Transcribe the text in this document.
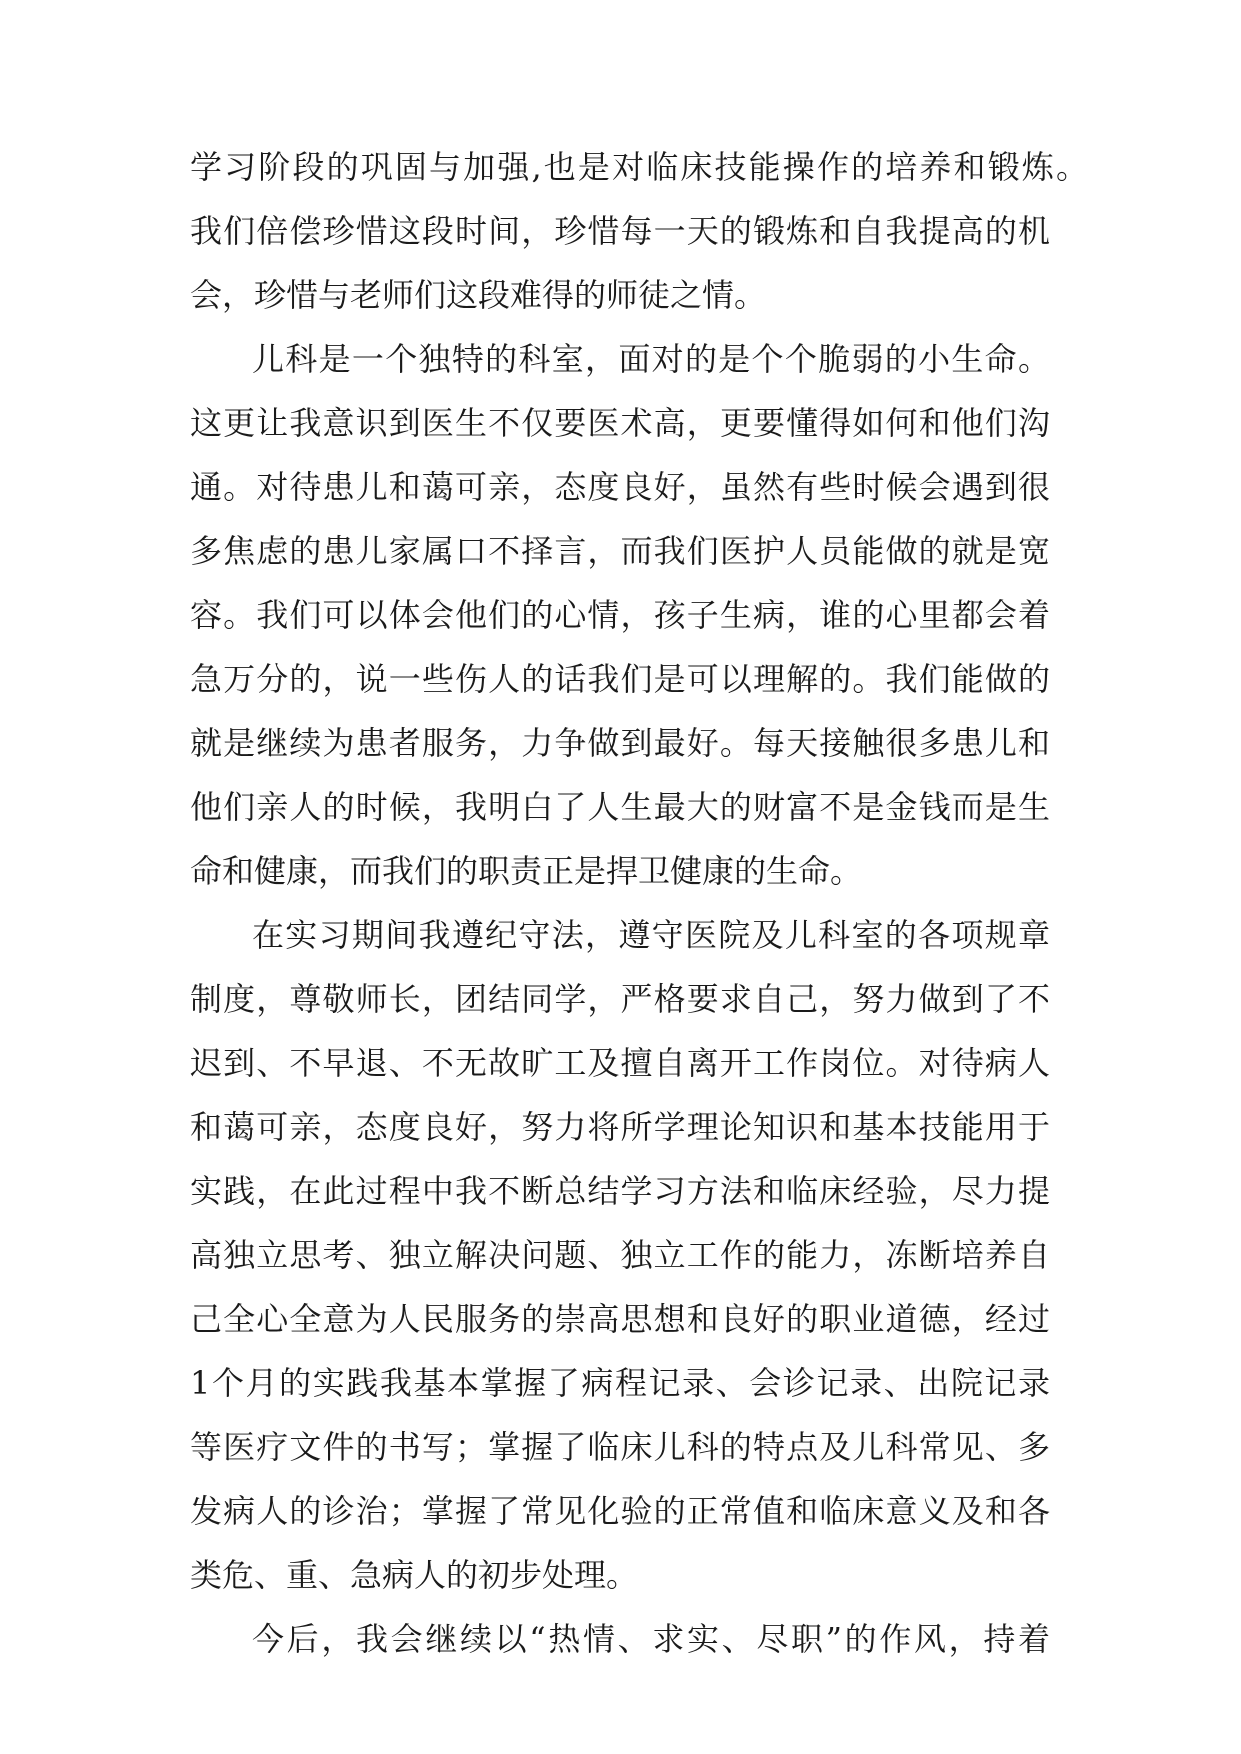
学习阶段的巩固与加强,也是对临床技能操作的培养和锻炼。
我们倍偿珍惜这段时间，珍惜每一天的锻炼和自我提高的机
会，珍惜与老师们这段难得的师徒之情。
儿科是一个独特的科室，面对的是个个脆弱的小生命。
这更让我意识到医生不仅要医术高，更要懂得如何和他们沟
通。对待患儿和蔼可亲，态度良好，虽然有些时候会遇到很
多焦虑的患儿家属口不择言，而我们医护人员能做的就是宽
容。我们可以体会他们的心情，孩子生病，谁的心里都会着
急万分的，说一些伤人的话我们是可以理解的。我们能做的
就是继续为患者服务，力争做到最好。每天接触很多患儿和
他们亲人的时候，我明白了人生最大的财富不是金钱而是生
命和健康，而我们的职责正是捍卫健康的生命。
在实习期间我遵纪守法，遵守医院及儿科室的各项规章
制度，尊敬师长，团结同学，严格要求自己，努力做到了不
迟到、不早退、不无故旷工及擅自离开工作岗位。对待病人
和蔼可亲，态度良好，努力将所学理论知识和基本技能用于
实践，在此过程中我不断总结学习方法和临床经验，尽力提
高独立思考、独立解决问题、独立工作的能力，冻断培养自
己全心全意为人民服务的崇高思想和良好的职业道德，经过
1个月的实践我基本掌握了病程记录、会诊记录、出院记录
等医疗文件的书写；掌握了临床儿科的特点及儿科常见、多
发病人的诊治；掌握了常见化验的正常值和临床意义及和各
类危、重、急病人的初步处理。
今后，我会继续以“热情、求实、尽职”的作风，持着
